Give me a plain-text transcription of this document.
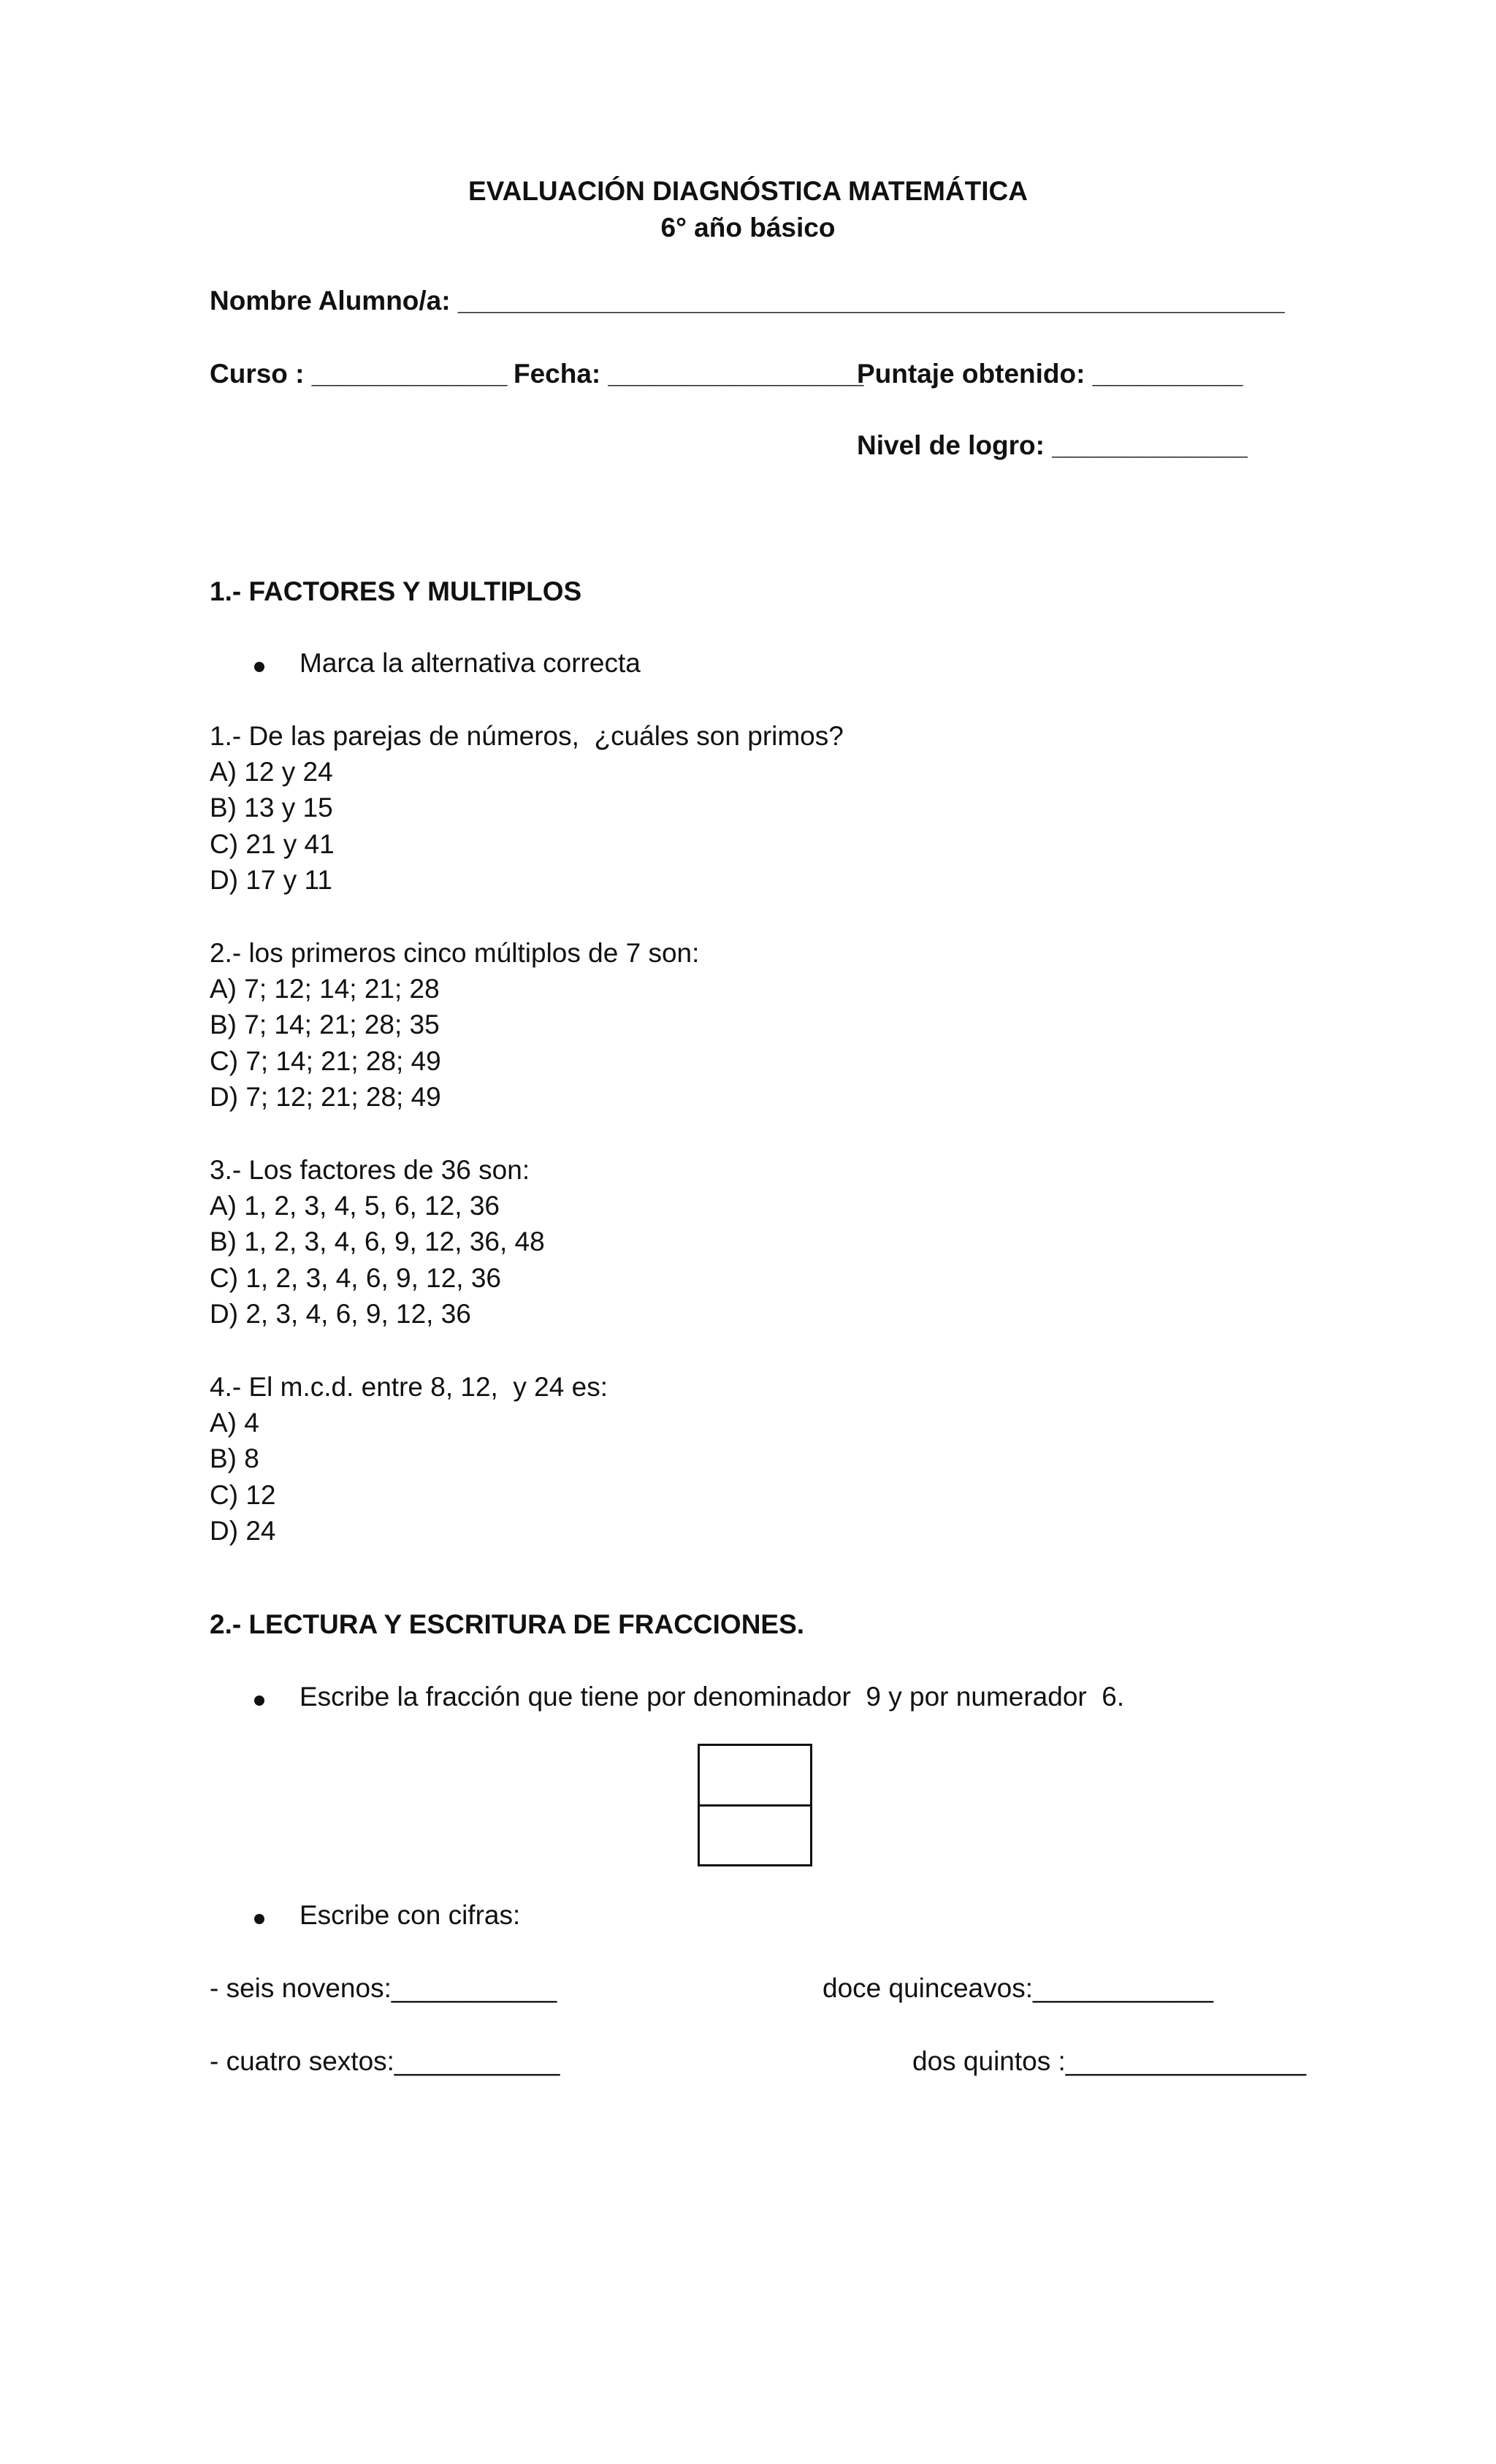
EVALUACIÓN DIAGNÓSTICA MATEMÁTICA
6° año básico
Nombre Alumno/a: _______________________________________________________
Curso : _____________ Fecha: _________________
Puntaje obtenido: __________
Nivel de logro: _____________
1.- FACTORES Y MULTIPLOS
Marca la alternativa correcta
1.- De las parejas de números,  ¿cuáles son primos?
A) 12 y 24
B) 13 y 15
C) 21 y 41
D) 17 y 11
2.- los primeros cinco múltiplos de 7 son:
A) 7; 12; 14; 21; 28
B) 7; 14; 21; 28; 35
C) 7; 14; 21; 28; 49
D) 7; 12; 21; 28; 49
3.- Los factores de 36 son:
A) 1, 2, 3, 4, 5, 6, 12, 36
B) 1, 2, 3, 4, 6, 9, 12, 36, 48
C) 1, 2, 3, 4, 6, 9, 12, 36
D) 2, 3, 4, 6, 9, 12, 36
4.- El m.c.d. entre 8, 12,  y 24 es:
A) 4
B) 8
C) 12
D) 24
2.- LECTURA Y ESCRITURA DE FRACCIONES.
Escribe la fracción que tiene por denominador  9 y por numerador  6.
Escribe con cifras:
- seis novenos:___________	doce quinceavos:____________
- cuatro sextos:___________	dos quintos :________________
